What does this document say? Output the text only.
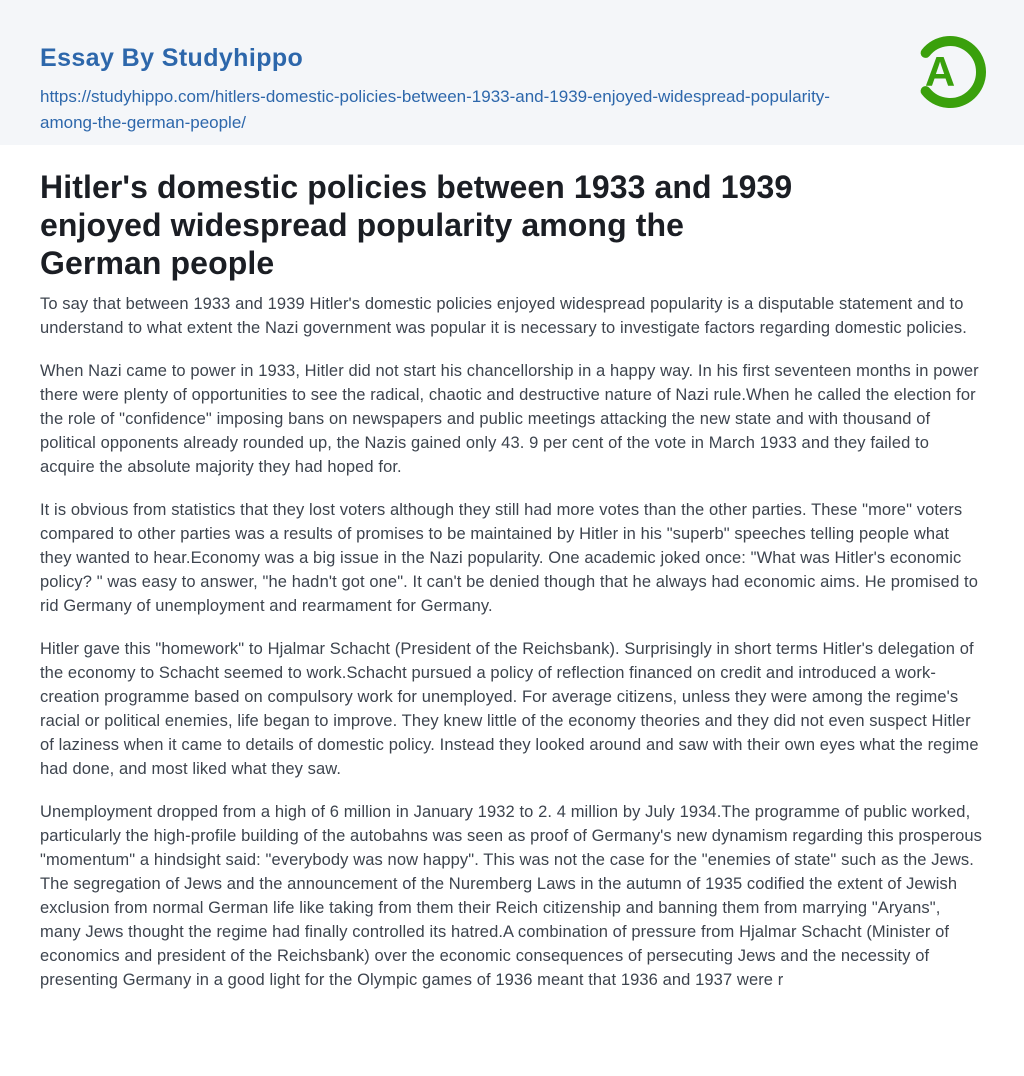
Essay By Studyhippo
https://studyhippo.com/hitlers-domestic-policies-between-1933-and-1939-enjoyed-widespread-popularity-among-the-german-people/
A
Hitler's domestic policies between 1933 and 1939
enjoyed widespread popularity among the
German people

To say that between 1933 and 1939 Hitler's domestic policies enjoyed widespread popularity is a disputable statement and to understand to what extent the Nazi government was popular it is necessary to investigate factors regarding domestic policies.

When Nazi came to power in 1933, Hitler did not start his chancellorship in a happy way. In his first seventeen months in power there were plenty of opportunities to see the radical, chaotic and destructive nature of Nazi rule.When he called the election for the role of "confidence" imposing bans on newspapers and public meetings attacking the new state and with thousand of political opponents already rounded up, the Nazis gained only 43. 9 per cent of the vote in March 1933 and they failed to acquire the absolute majority they had hoped for.

It is obvious from statistics that they lost voters although they still had more votes than the other parties. These "more" voters compared to other parties was a results of promises to be maintained by Hitler in his "superb" speeches telling people what they wanted to hear.Economy was a big issue in the Nazi popularity. One academic joked once: "What was Hitler's economic policy? " was easy to answer, "he hadn't got one". It can't be denied though that he always had economic aims. He promised to rid Germany of unemployment and rearmament for Germany.

Hitler gave this "homework" to Hjalmar Schacht (President of the Reichsbank). Surprisingly in short terms Hitler's delegation of the economy to Schacht seemed to work.Schacht pursued a policy of reflection financed on credit and introduced a work-creation programme based on compulsory work for unemployed. For average citizens, unless they were among the regime's racial or political enemies, life began to improve. They knew little of the economy theories and they did not even suspect Hitler of laziness when it came to details of domestic policy. Instead they looked around and saw with their own eyes what the regime had done, and most liked what they saw.

Unemployment dropped from a high of 6 million in January 1932 to 2. 4 million by July 1934.The programme of public worked, particularly the high-profile building of the autobahns was seen as proof of Germany's new dynamism regarding this prosperous "momentum" a hindsight said: "everybody was now happy". This was not the case for the "enemies of state" such as the Jews. The segregation of Jews and the announcement of the Nuremberg Laws in the autumn of 1935 codified the extent of Jewish exclusion from normal German life like taking from them their Reich citizenship and banning them from marrying "Aryans", many Jews thought the regime had finally controlled its hatred.A combination of pressure from Hjalmar Schacht (Minister of economics and president of the Reichsbank) over the economic consequences of persecuting Jews and the necessity of presenting Germany in a good light for the Olympic games of 1936 meant that 1936 and 1937 were r
